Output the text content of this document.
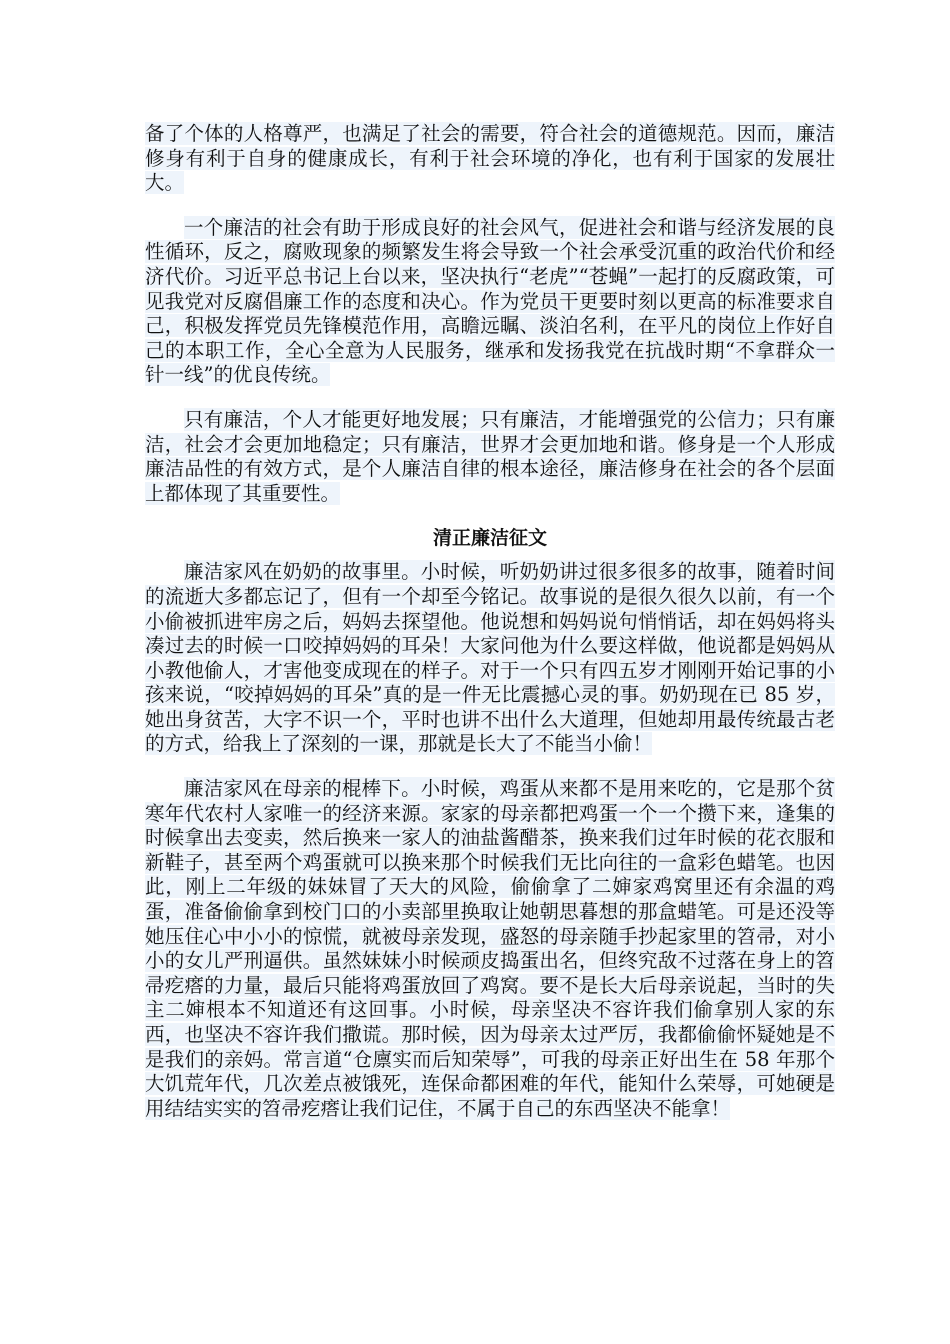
备了个体的人格尊严，也满足了社会的需要，符合社会的道德规范。因而，廉洁修身有利于自身的健康成长，有利于社会环境的净化，也有利于国家的发展壮大。

一个廉洁的社会有助于形成良好的社会风气，促进社会和谐与经济发展的良性循环，反之，腐败现象的频繁发生将会导致一个社会承受沉重的政治代价和经济代价。习近平总书记上台以来，坚决执行“老虎”“苍蝇”一起打的反腐政策，可见我党对反腐倡廉工作的态度和决心。作为党员干更要时刻以更高的标准要求自己，积极发挥党员先锋模范作用，高瞻远瞩、淡泊名利，在平凡的岗位上作好自己的本职工作，全心全意为人民服务，继承和发扬我党在抗战时期“不拿群众一针一线”的优良传统。

只有廉洁，个人才能更好地发展；只有廉洁，才能增强党的公信力；只有廉洁，社会才会更加地稳定；只有廉洁，世界才会更加地和谐。修身是一个人形成廉洁品性的有效方式，是个人廉洁自律的根本途径，廉洁修身在社会的各个层面上都体现了其重要性。

清正廉洁征文

廉洁家风在奶奶的故事里。小时候，听奶奶讲过很多很多的故事，随着时间的流逝大多都忘记了，但有一个却至今铭记。故事说的是很久很久以前，有一个小偷被抓进牢房之后，妈妈去探望他。他说想和妈妈说句悄悄话，却在妈妈将头凑过去的时候一口咬掉妈妈的耳朵！大家问他为什么要这样做，他说都是妈妈从小教他偷人，才害他变成现在的样子。对于一个只有四五岁才刚刚开始记事的小孩来说，“咬掉妈妈的耳朵”真的是一件无比震撼心灵的事。奶奶现在已 85 岁，她出身贫苦，大字不识一个，平时也讲不出什么大道理，但她却用最传统最古老的方式，给我上了深刻的一课，那就是长大了不能当小偷！

廉洁家风在母亲的棍棒下。小时候，鸡蛋从来都不是用来吃的，它是那个贫寒年代农村人家唯一的经济来源。家家的母亲都把鸡蛋一个一个攒下来，逢集的时候拿出去变卖，然后换来一家人的油盐酱醋茶，换来我们过年时候的花衣服和新鞋子，甚至两个鸡蛋就可以换来那个时候我们无比向往的一盒彩色蜡笔。也因此，刚上二年级的妹妹冒了天大的风险，偷偷拿了二婶家鸡窝里还有余温的鸡蛋，准备偷偷拿到校门口的小卖部里换取让她朝思暮想的那盒蜡笔。可是还没等她压住心中小小的惊慌，就被母亲发现，盛怒的母亲随手抄起家里的笤帚，对小小的女儿严刑逼供。虽然妹妹小时候顽皮捣蛋出名，但终究敌不过落在身上的笤帚疙瘩的力量，最后只能将鸡蛋放回了鸡窝。要不是长大后母亲说起，当时的失主二婶根本不知道还有这回事。小时候，母亲坚决不容许我们偷拿别人家的东西，也坚决不容许我们撒谎。那时候，因为母亲太过严厉，我都偷偷怀疑她是不是我们的亲妈。常言道“仓廪实而后知荣辱”，可我的母亲正好出生在 58 年那个大饥荒年代，几次差点被饿死，连保命都困难的年代，能知什么荣辱，可她硬是用结结实实的笤帚疙瘩让我们记住，不属于自己的东西坚决不能拿！
